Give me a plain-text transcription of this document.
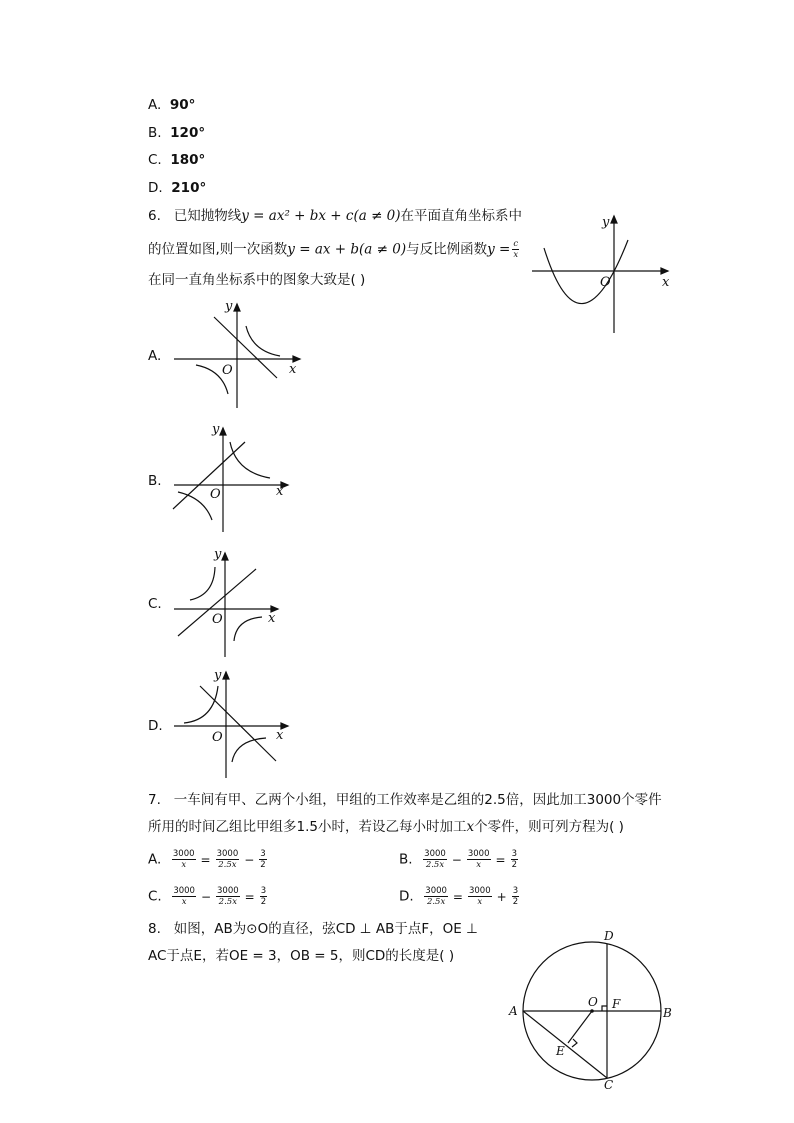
A. 90°
B. 120°
C. 180°
D. 210°
6. 已知抛物线y = ax² + bx + c(a ≠ 0)在平面直角坐标系中
的位置如图,则一次函数y = ax + b(a ≠ 0)与反比例函数$y = \frac{c}{x}$
在同一直角坐标系中的图象大致是( )	x
y
O
A.
x
y
O
B.
x
y
O
C.
x
y
O
D.
x
y
O
7. 一车间有甲、乙两个小组，甲组的工作效率是乙组的2.5倍，因此加工3000个零件
所用的时间乙组比甲组多1.5小时，若设乙每小时加工x个零件，则可列方程为( )
A. $\frac{3000}{x} = \frac{3000}{2.5x} - \frac{3}{2}$	B. $\frac{3000}{2.5x} - \frac{3000}{x} = \frac{3}{2}$
C. $\frac{3000}{x} - \frac{3000}{2.5x} = \frac{3}{2}$	D. $\frac{3000}{2.5x} = \frac{3000}{x} + \frac{3}{2}$
8. 如图，AB为⊙O的直径，弦CD ⊥ AB于点F，OE ⊥
AC于点E，若OE = 3，OB = 5，则CD的长度是( )
A	B
C
D
E
F
O
